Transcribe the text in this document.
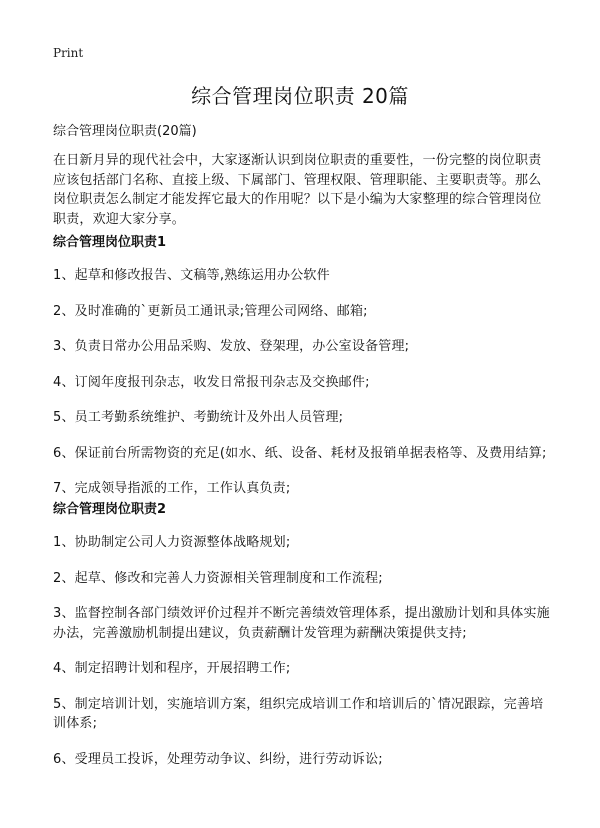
Print
综合管理岗位职责 20篇
综合管理岗位职责(20篇)
在日新月异的现代社会中，大家逐渐认识到岗位职责的重要性，一份完整的岗位职责应该包括部门名称、直接上级、下属部门、管理权限、管理职能、主要职责等。那么岗位职责怎么制定才能发挥它最大的作用呢？以下是小编为大家整理的综合管理岗位职责，欢迎大家分享。
综合管理岗位职责1
1、起草和修改报告、文稿等,熟练运用办公软件
2、及时准确的`更新员工通讯录;管理公司网络、邮箱;
3、负责日常办公用品采购、发放、登架理，办公室设备管理;
4、订阅年度报刊杂志，收发日常报刊杂志及交换邮件;
5、员工考勤系统维护、考勤统计及外出人员管理;
6、保证前台所需物资的充足(如水、纸、设备、耗材及报销单据表格等、及费用结算;
7、完成领导指派的工作，工作认真负责;
综合管理岗位职责2
1、协助制定公司人力资源整体战略规划;
2、起草、修改和完善人力资源相关管理制度和工作流程;
3、监督控制各部门绩效评价过程并不断完善绩效管理体系，提出激励计划和具体实施办法，完善激励机制提出建议，负责薪酬计发管理为薪酬决策提供支持;
4、制定招聘计划和程序，开展招聘工作;
5、制定培训计划，实施培训方案，组织完成培训工作和培训后的`情况跟踪，完善培训体系;
6、受理员工投诉，处理劳动争议、纠纷，进行劳动诉讼;
